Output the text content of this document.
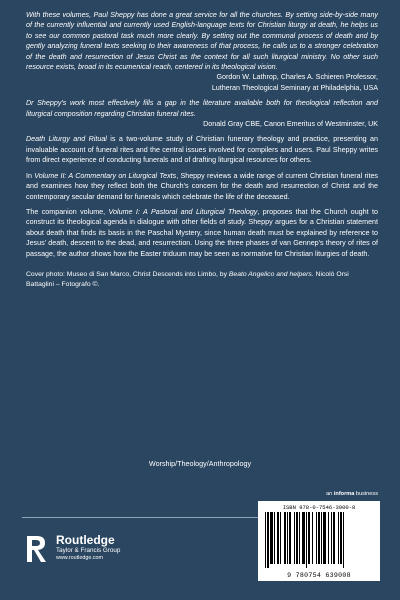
With these volumes, Paul Sheppy has done a great service for all the churches. By setting side-by-side many of the currently influential and currently used English-language texts for Christian liturgy at death, he helps us to see our common pastoral task much more clearly. By setting out the communal process of death and by gently analyzing funeral texts seeking to their awareness of that process, he calls us to a stronger celebration of the death and resurrection of Jesus Christ as the context for all such liturgical ministry. No other such resource exists, broad in its ecumenical reach, centered in its theological vision.

Gordon W. Lathrop, Charles A. Schieren Professor,

Lutheran Theological Seminary at Philadelphia, USA

Dr Sheppy's work most effectively fills a gap in the literature available both for theological reflection and liturgical composition regarding Christian funeral rites.

Donald Gray CBE, Canon Emeritus of Westminster, UK

Death Liturgy and Ritual is a two-volume study of Christian funerary theology and practice, presenting an invaluable account of funeral rites and the central issues involved for compilers and users. Paul Sheppy writes from direct experience of conducting funerals and of drafting liturgical resources for others.

In Volume II: A Commentary on Liturgical Texts, Sheppy reviews a wide range of current Christian funeral rites and examines how they reflect both the Church's concern for the death and resurrection of Christ and the contemporary secular demand for funerals which celebrate the life of the deceased.

The companion volume, Volume I: A Pastoral and Liturgical Theology, proposes that the Church ought to construct its theological agenda in dialogue with other fields of study. Sheppy argues for a Christian statement about death that finds its basis in the Paschal Mystery, since human death must be explained by reference to Jesus' death, descent to the dead, and resurrection. Using the three phases of van Gennep's theory of rites of passage, the author shows how the Easter triduum may be seen as normative for Christian liturgies of death.

Cover photo: Museo di San Marco, Christ Descends into Limbo, by Beato Angelico and helpers. Nicolò Orsi Battaglini – Fotografo ©.

Worship/Theology/Anthropology
an informa business
Routledge
Taylor & Francis Group
www.routledge.com
ISBN 978-0-7546-3900-8
9 780754 639008
